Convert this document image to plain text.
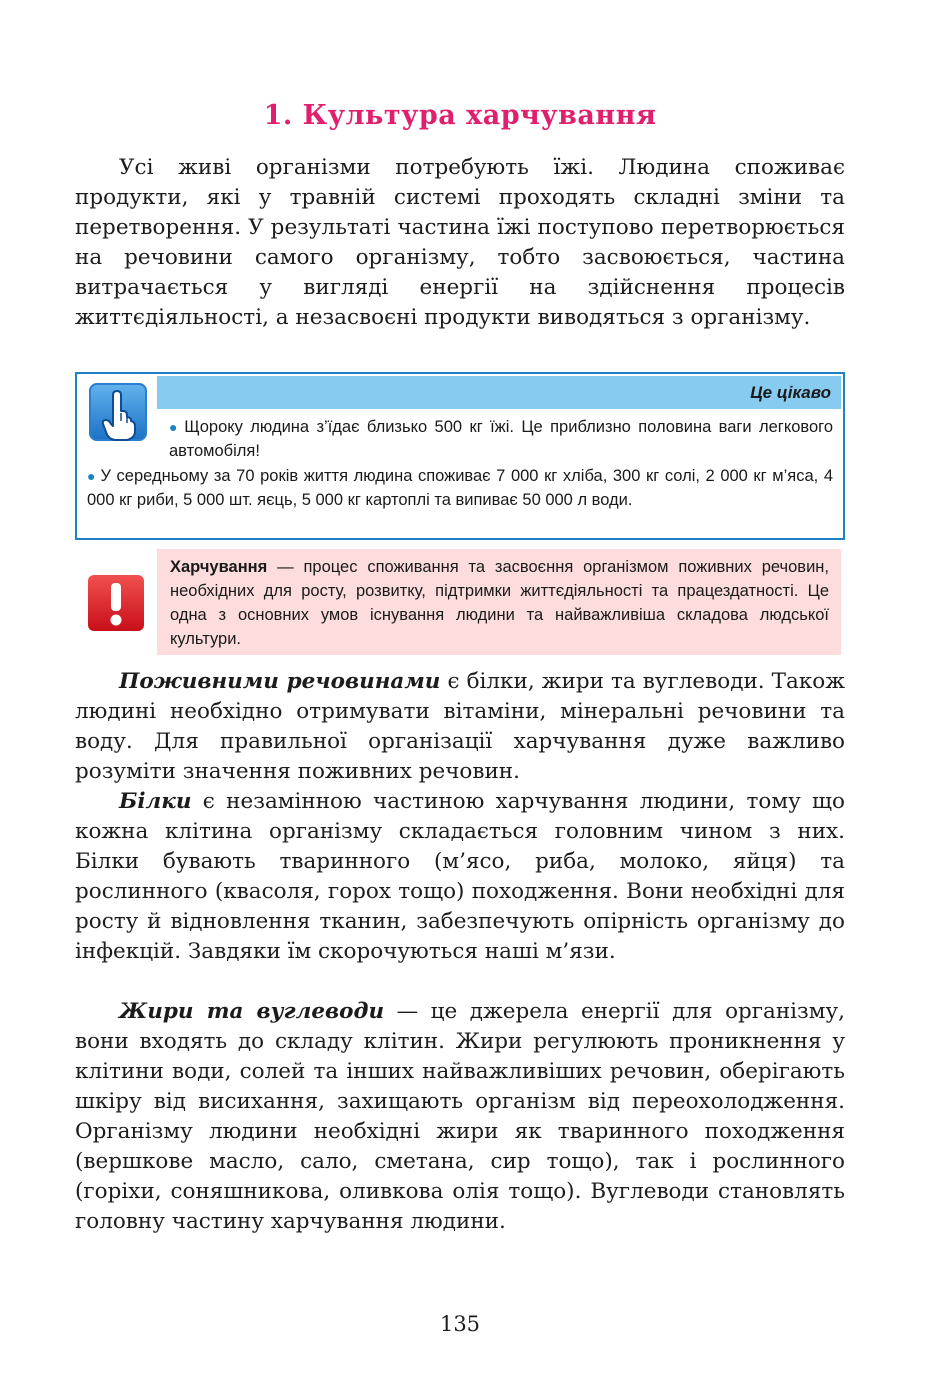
1. Культура харчування

Усі живі організми потребують їжі. Людина споживає продукти, які у травній системі проходять складні зміни та перетворення. У результаті частина їжі поступово перетворюється на речовини самого організму, тобто засвоюється, частина витрачається у вигляді енергії на здійснення процесів життєдіяльності, а незасвоєні продукти виводяться з організму.

Це цікаво
● Щороку людина з’їдає близько 500 кг їжі. Це приблизно половина ваги легкового автомобіля!
● У середньому за 70 років життя людина споживає 7 000 кг хліба, 300 кг солі, 2 000 кг м’яса, 4 000 кг риби, 5 000 шт. яєць, 5 000 кг картоплі та випиває 50 000 л води.
Харчування — процес споживання та засвоєння організмом поживних речовин, необхідних для росту, розвитку, підтримки життєдіяльності та працездатності. Це одна з основних умов існування людини та найважливіша складова людської культури.

Поживними речовинами є білки, жири та вуглеводи. Також людині необхідно отримувати вітаміни, мінеральні речовини та воду. Для правильної організації харчування дуже важливо розуміти значення поживних речовин.

Білки є незамінною частиною харчування людини, тому що кожна клітина організму складається головним чином з них. Білки бувають тваринного (м’ясо, риба, молоко, яйця) та рослинного (квасоля, горох тощо) походження. Вони необхідні для росту й відновлення тканин, забезпечують опірність організму до інфекцій. Завдяки їм скорочуються наші м’язи.

Жири та вуглеводи — це джерела енергії для організму, вони входять до складу клітин. Жири регулюють проникнення у клітини води, солей та інших найважливіших речовин, оберігають шкіру від висихання, захищають організм від переохолодження. Організму людини необхідні жири як тваринного походження (вершкове масло, сало, сметана, сир тощо), так і рослинного (горіхи, соняшникова, оливкова олія тощо). Вуглеводи становлять головну частину харчування людини.

135
